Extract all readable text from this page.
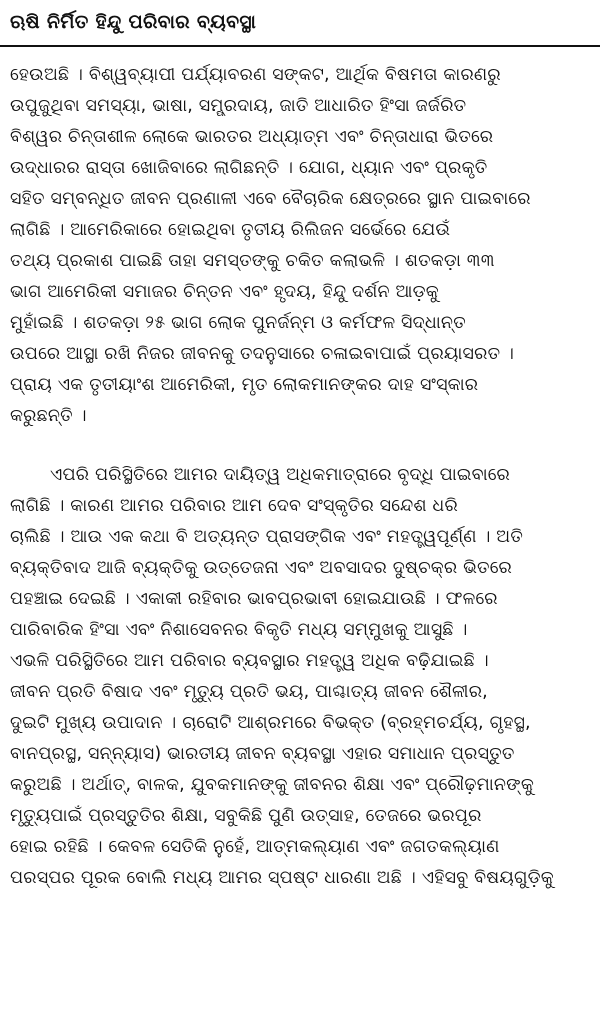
ଋଷି ନିର୍ମିତ ହିନ୍ଦୁ ପରିବାର ବ୍ୟବସ୍ଥା
ହେଉଅଛି । ବିଶ୍ୱବ୍ୟାପୀ ପର୍ଯ୍ୟାବରଣ ସଙ୍କଟ, ଆର୍ଥିକ ବିଷମତା କାରଣରୁ
ଉପୁଜୁଥିବା ସମସ୍ୟା, ଭାଷା, ସମ୍ପ୍ରଦାୟ, ଜାତି ଆଧାରିତ ହିଂସା ଜର୍ଜରିତ
ବିଶ୍ୱର ଚିନ୍ତାଶୀଳ ଲୋକେ ଭାରତର ଅଧ୍ୟାତ୍ମ ଏବଂ ଚିନ୍ତାଧାରା ଭିତରେ
ଉଦ୍ଧାରର ରାସ୍ତା ଖୋଜିବାରେ ଲାଗିଛନ୍ତି । ଯୋଗ, ଧ୍ୟାନ ଏବଂ ପ୍ରକୃତି
ସହିତ ସମ୍ବନ୍ଧିତ ଜୀବନ ପ୍ରଣାଳୀ ଏବେ ବୈଚାରିକ କ୍ଷେତ୍ରରେ ସ୍ଥାନ ପାଇବାରେ
ଲାଗିଛି । ଆମେରିକାରେ ହୋଇଥିବା ତୃତୀୟ ରିଲିଜନ ସର୍ଭେରେ ଯେଉଁ
ତଥ୍ୟ ପ୍ରକାଶ ପାଇଛି ତାହା ସମସ୍ତଙ୍କୁ ଚକିତ କଲାଭଳି । ଶତକଡ଼ା ୩୩
ଭାଗ ଆମେରିକୀ ସମାଜର ଚିନ୍ତନ ଏବଂ ହୃଦୟ, ହିନ୍ଦୁ ଦର୍ଶନ ଆଡ଼କୁ
ମୁହାଁଇଛି । ଶତକଡ଼ା ୨୫ ଭାଗ ଲୋକ ପୁନର୍ଜନ୍ମ ଓ କର୍ମଫଳ ସିଦ୍ଧାନ୍ତ
ଉପରେ ଆସ୍ଥା ରଖି ନିଜର ଜୀବନକୁ ତଦନୁସାରେ ଚଳାଇବାପାଇଁ ପ୍ରୟାସରତ ।
ପ୍ରାୟ ଏକ ତୃତୀୟାଂଶ ଆମେରିକୀ, ମୃତ ଲୋକମାନଙ୍କର ଦାହ ସଂସ୍କାର
କରୁଛନ୍ତି ।
ଏପରି ପରିସ୍ଥିତିରେ ଆମର ଦାୟିତ୍ୱ ଅଧିକମାତ୍ରାରେ ବୃଦ୍ଧି ପାଇବାରେ
ଲାଗିଛି । କାରଣ ଆମର ପରିବାର ଆମ ଦେବ ସଂସ୍କୃତିର ସନ୍ଦେଶ ଧରି
ଚାଲିଛି । ଆଉ ଏକ କଥା ବି ଅତ୍ୟନ୍ତ ପ୍ରାସଙ୍ଗିକ ଏବଂ ମହତ୍ତ୍ୱପୂର୍ଣ୍ଣ । ଅତି
ବ୍ୟକ୍ତିବାଦ ଆଜି ବ୍ୟକ୍ତିକୁ ଉତ୍ତେଜନା ଏବଂ ଅବସାଦର ଦୁଷ୍ଚକ୍ର ଭିତରେ
ପହଞ୍ଚାଇ ଦେଇଛି । ଏକାକୀ ରହିବାର ଭାବପ୍ରଭାବୀ ହୋଇଯାଉଛି । ଫଳରେ
ପାରିବାରିକ ହିଂସା ଏବଂ ନିଶାସେବନର ବିକୃତି ମଧ୍ୟ ସମ୍ମୁଖକୁ ଆସୁଛି ।
ଏଭଳି ପରିସ୍ଥିତିରେ ଆମ ପରିବାର ବ୍ୟବସ୍ଥାର ମହତ୍ତ୍ୱ ଅଧିକ ବଢ଼ିଯାଇଛି ।
ଜୀବନ ପ୍ରତି ବିଷାଦ ଏବଂ ମୃତ୍ୟୁ ପ୍ରତି ଭୟ, ପାଶ୍ଚାତ୍ୟ ଜୀବନ ଶୈଳୀର,
ଦୁଇଟି ମୁଖ୍ୟ ଉପାଦାନ । ଚାରୋଟି ଆଶ୍ରମରେ ବିଭକ୍ତ (ବ୍ରହ୍ମଚର୍ଯ୍ୟ, ଗୃହସ୍ଥ,
ବାନପ୍ରସ୍ଥ, ସନ୍ନ୍ୟାସ) ଭାରତୀୟ ଜୀବନ ବ୍ୟବସ୍ଥା ଏହାର ସମାଧାନ ପ୍ରସ୍ତୁତ
କରୁଅଛି । ଅର୍ଥାତ୍, ବାଳକ, ଯୁବକମାନଙ୍କୁ ଜୀବନର ଶିକ୍ଷା ଏବଂ ପ୍ରୌଢ଼ମାନଙ୍କୁ
ମୃତ୍ୟୁପାଇଁ ପ୍ରସ୍ତୁତିର ଶିକ୍ଷା, ସବୁକିଛି ପୁଣି ଉତ୍ସାହ, ତେଜରେ ଭରପୂର
ହୋଇ ରହିଛି । କେବଳ ସେତିକି ନୁହେଁ, ଆତ୍ମକଲ୍ୟାଣ ଏବଂ ଜଗତକଲ୍ୟାଣ
ପରସ୍ପର ପୂରକ ବୋଲି ମଧ୍ୟ ଆମର ସ୍ପଷ୍ଟ ଧାରଣା ଅଛି । ଏହିସବୁ ବିଷୟଗୁଡ଼ିକୁ
